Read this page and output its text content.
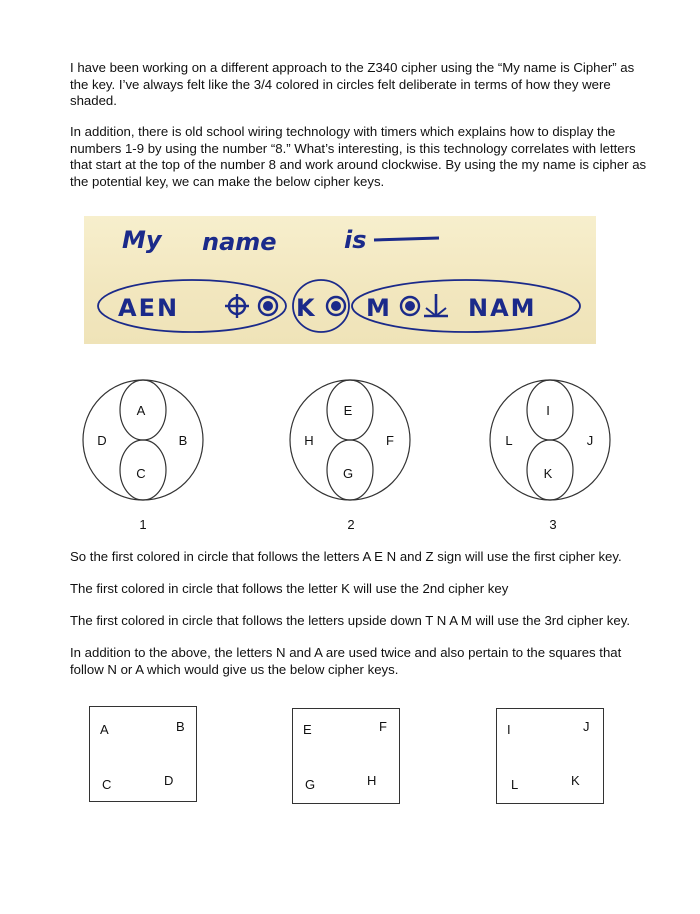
I have been working on a different approach to the Z340 cipher using the “My name is Cipher” as the key. I’ve always felt like the 3/4 colored in circles felt deliberate in terms of how they were shaded.

In addition, there is old school wiring technology with timers which explains how to display the numbers 1-9 by using the number “8.” What’s interesting, is this technology correlates with letters that start at the top of the number 8 and work around clockwise. By using the my name is cipher as the potential key, we can make the below cipher keys.

My name	is
AEN	K M	NAM
A
C
D	B
E
G
H	F
I
K
L	J
1	2	3

So the first colored in circle that follows the letters A E N and Z sign will use the first cipher key.

The first colored in circle that follows the letter K will use the 2nd cipher key

The first colored in circle that follows the letters upside down T N A M will use the 3rd cipher key.

In addition to the above, the letters N and A are used twice and also pertain to the squares that follow N or A which would give us the below cipher keys.

A	B
C	D
E	F
G	H
I	J
L	K
